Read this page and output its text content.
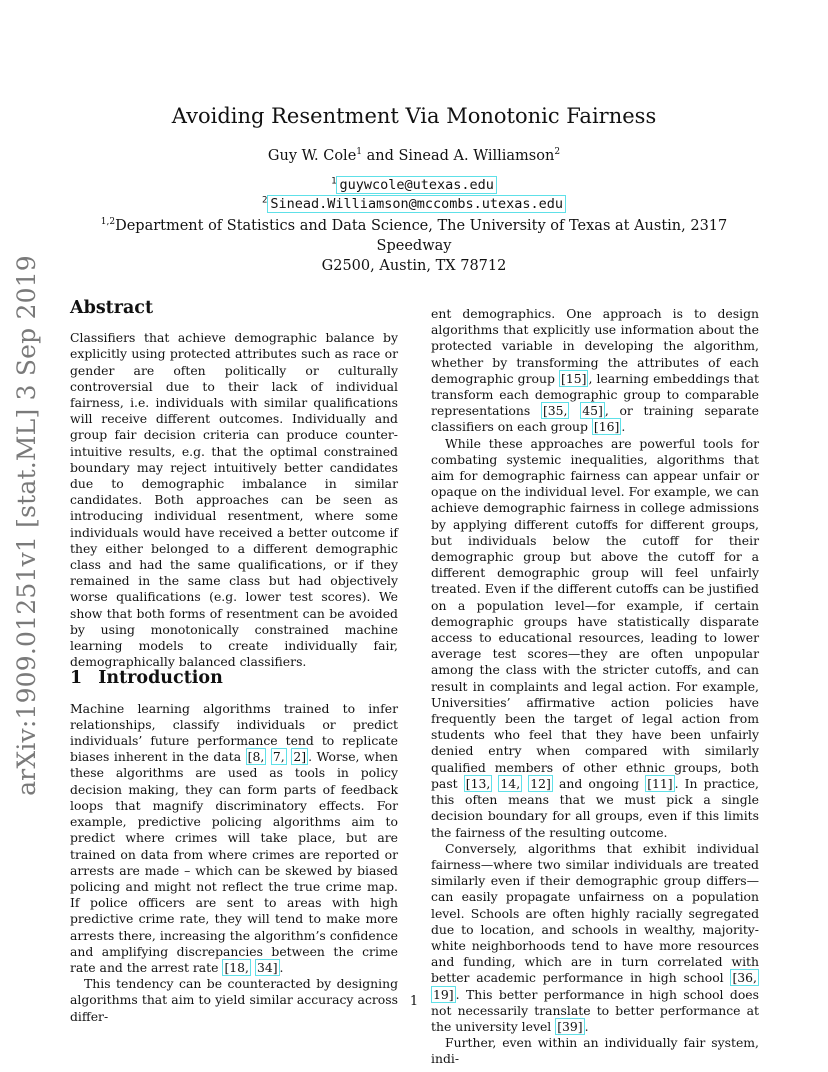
arXiv:1909.01251v1 [stat.ML] 3 Sep 2019
Avoiding Resentment Via Monotonic Fairness
Guy W. Cole$^1$ and Sinead A. Williamson$^2$
$^1$ guywcole@utexas.edu
$^2$ Sinead.Williamson@mccombs.utexas.edu
$^{1,2}$Department of Statistics and Data Science, The University of Texas at Austin, 2317 Speedway
G2500, Austin, TX 78712
Abstract

Classifiers that achieve demographic balance by explicitly using protected attributes such as race or gender are often politically or culturally controversial due to their lack of individual fairness, i.e. individuals with similar qualifications will receive different outcomes. Individually and group fair decision criteria can produce counter-intuitive results, e.g. that the optimal constrained boundary may reject intuitively better candidates due to demographic imbalance in similar candidates. Both approaches can be seen as introducing individual resentment, where some individuals would have received a better outcome if they either belonged to a different demographic class and had the same qualifications, or if they remained in the same class but had objectively worse qualifications (e.g. lower test scores). We show that both forms of resentment can be avoided by using monotonically constrained machine learning models to create individually fair, demographically balanced classifiers.

1 Introduction

Machine learning algorithms trained to infer relationships, classify individuals or predict individuals’ future performance tend to replicate biases inherent in the data [8, 7, 2] . Worse, when these algorithms are used as tools in policy decision making, they can form parts of feedback loops that magnify discriminatory effects. For example, predictive policing algorithms aim to predict where crimes will take place, but are trained on data from where crimes are reported or arrests are made – which can be skewed by biased policing and might not reflect the true crime map. If police officers are sent to areas with high predictive crime rate, they will tend to make more arrests there, increasing the algorithm’s confidence and amplifying discrepancies between the crime rate and the arrest rate [18, 34] .

This tendency can be counteracted by designing algorithms that aim to yield similar accuracy across differ-

ent demographics. One approach is to design algorithms that explicitly use information about the protected variable in developing the algorithm, whether by transforming the attributes of each demographic group [15] , learning embeddings that transform each demographic group to comparable representations [35, 45] , or training separate classifiers on each group [16] .

While these approaches are powerful tools for combating systemic inequalities, algorithms that aim for demographic fairness can appear unfair or opaque on the individual level. For example, we can achieve demographic fairness in college admissions by applying different cutoffs for different groups, but individuals below the cutoff for their demographic group but above the cutoff for a different demographic group will feel unfairly treated. Even if the different cutoffs can be justified on a population level—for example, if certain demographic groups have statistically disparate access to educational resources, leading to lower average test scores—they are often unpopular among the class with the stricter cutoffs, and can result in complaints and legal action. For example, Universities’ affirmative action policies have frequently been the target of legal action from students who feel that they have been unfairly denied entry when compared with similarly qualified members of other ethnic groups, both past [13, 14, 12] and ongoing [11] . In practice, this often means that we must pick a single decision boundary for all groups, even if this limits the fairness of the resulting outcome.

Conversely, algorithms that exhibit individual fairness—where two similar individuals are treated similarly even if their demographic group differs—can easily propagate unfairness on a population level. Schools are often highly racially segregated due to location, and schools in wealthy, majority-white neighborhoods tend to have more resources and funding, which are in turn correlated with better academic performance in high school [36, 19] . This better performance in high school does not necessarily translate to better performance at the university level [39] .

Further, even within an individually fair system, indi-

1
